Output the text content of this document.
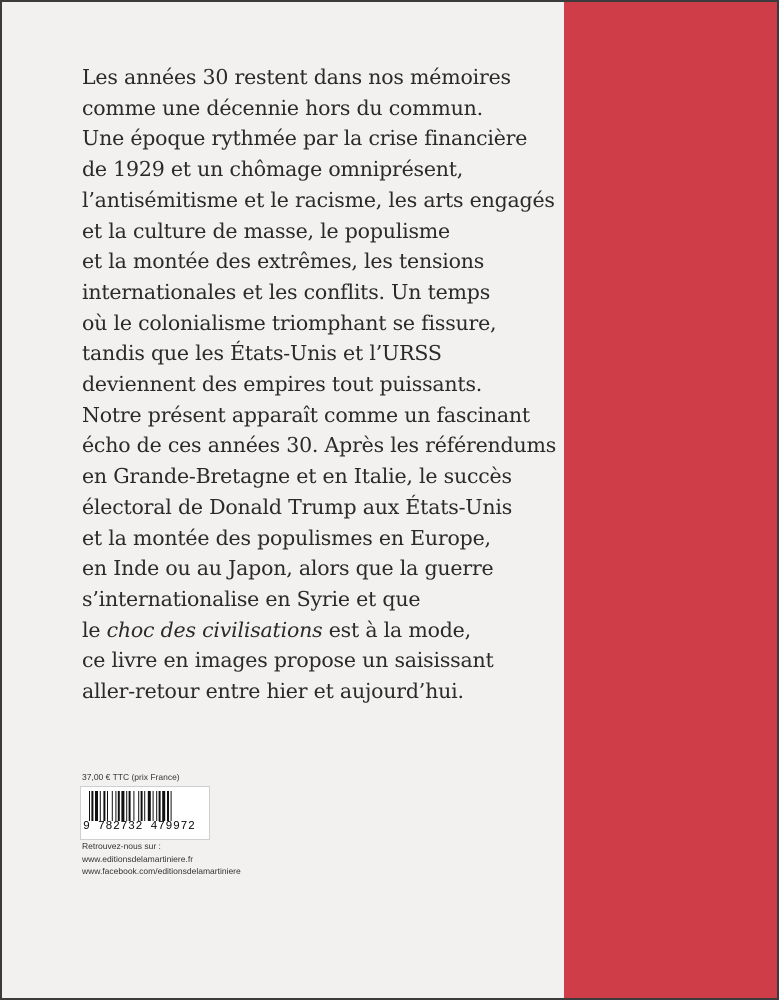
Les années 30 restent dans nos mémoires
comme une décennie hors du commun.
Une époque rythmée par la crise financière
de 1929 et un chômage omniprésent,
l’antisémitisme et le racisme, les arts engagés
et la culture de masse, le populisme
et la montée des extrêmes, les tensions
internationales et les conflits. Un temps
où le colonialisme triomphant se fissure,
tandis que les États-Unis et l’URSS
deviennent des empires tout puissants.
Notre présent apparaît comme un fascinant
écho de ces années 30. Après les référendums
en Grande-Bretagne et en Italie, le succès
électoral de Donald Trump aux États-Unis
et la montée des populismes en Europe,
en Inde ou au Japon, alors que la guerre
s’internationalise en Syrie et que
le choc des civilisations est à la mode,
ce livre en images propose un saisissant
aller-retour entre hier et aujourd’hui.

37,00 € TTC (prix France)
9 782732 479972
Retrouvez-nous sur :
www.editionsdelamartiniere.fr
www.facebook.com/editionsdelamartiniere
